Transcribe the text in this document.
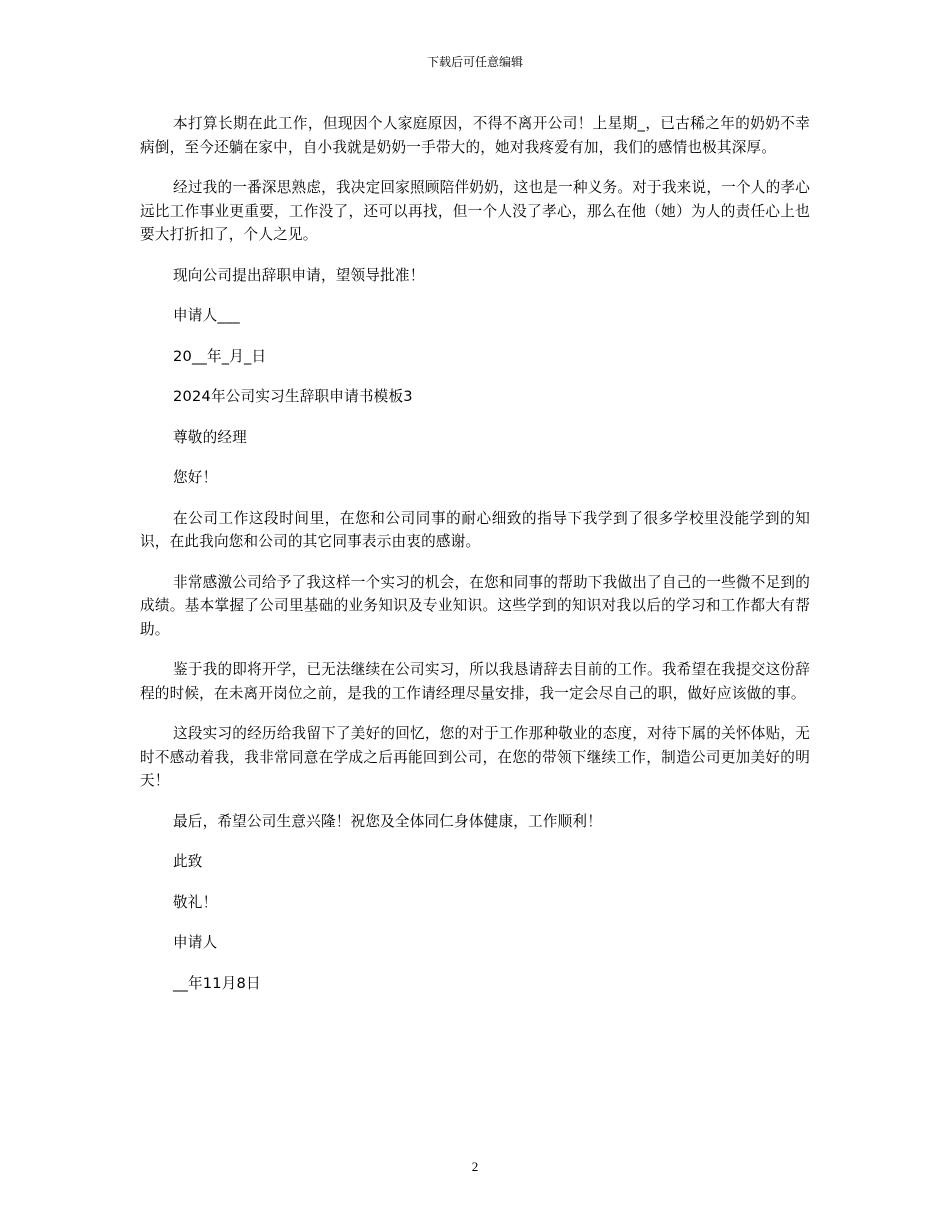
下载后可任意编辑

本打算长期在此工作，但现因个人家庭原因，不得不离开公司！上星期_，已古稀之年的奶奶不幸病倒，至今还躺在家中，自小我就是奶奶一手带大的，她对我疼爱有加，我们的感情也极其深厚。

经过我的一番深思熟虑，我决定回家照顾陪伴奶奶，这也是一种义务。对于我来说，一个人的孝心远比工作事业更重要，工作没了，还可以再找，但一个人没了孝心，那么在他（她）为人的责任心上也要大打折扣了，个人之见。

现向公司提出辞职申请，望领导批准！

申请人___

20__年_月_日

2024年公司实习生辞职申请书模板3

尊敬的经理

您好！

在公司工作这段时间里，在您和公司同事的耐心细致的指导下我学到了很多学校里没能学到的知识，在此我向您和公司的其它同事表示由衷的感谢。

非常感激公司给予了我这样一个实习的机会，在您和同事的帮助下我做出了自己的一些微不足到的成绩。基本掌握了公司里基础的业务知识及专业知识。这些学到的知识对我以后的学习和工作都大有帮助。

鉴于我的即将开学，已无法继续在公司实习，所以我恳请辞去目前的工作。我希望在我提交这份辞程的时候，在未离开岗位之前，是我的工作请经理尽量安排，我一定会尽自己的职，做好应该做的事。

这段实习的经历给我留下了美好的回忆，您的对于工作那种敬业的态度，对待下属的关怀体贴，无时不感动着我，我非常同意在学成之后再能回到公司，在您的带领下继续工作，制造公司更加美好的明天！

最后，希望公司生意兴隆！祝您及全体同仁身体健康，工作顺利！

此致

敬礼！

申请人

__年11月8日

2
